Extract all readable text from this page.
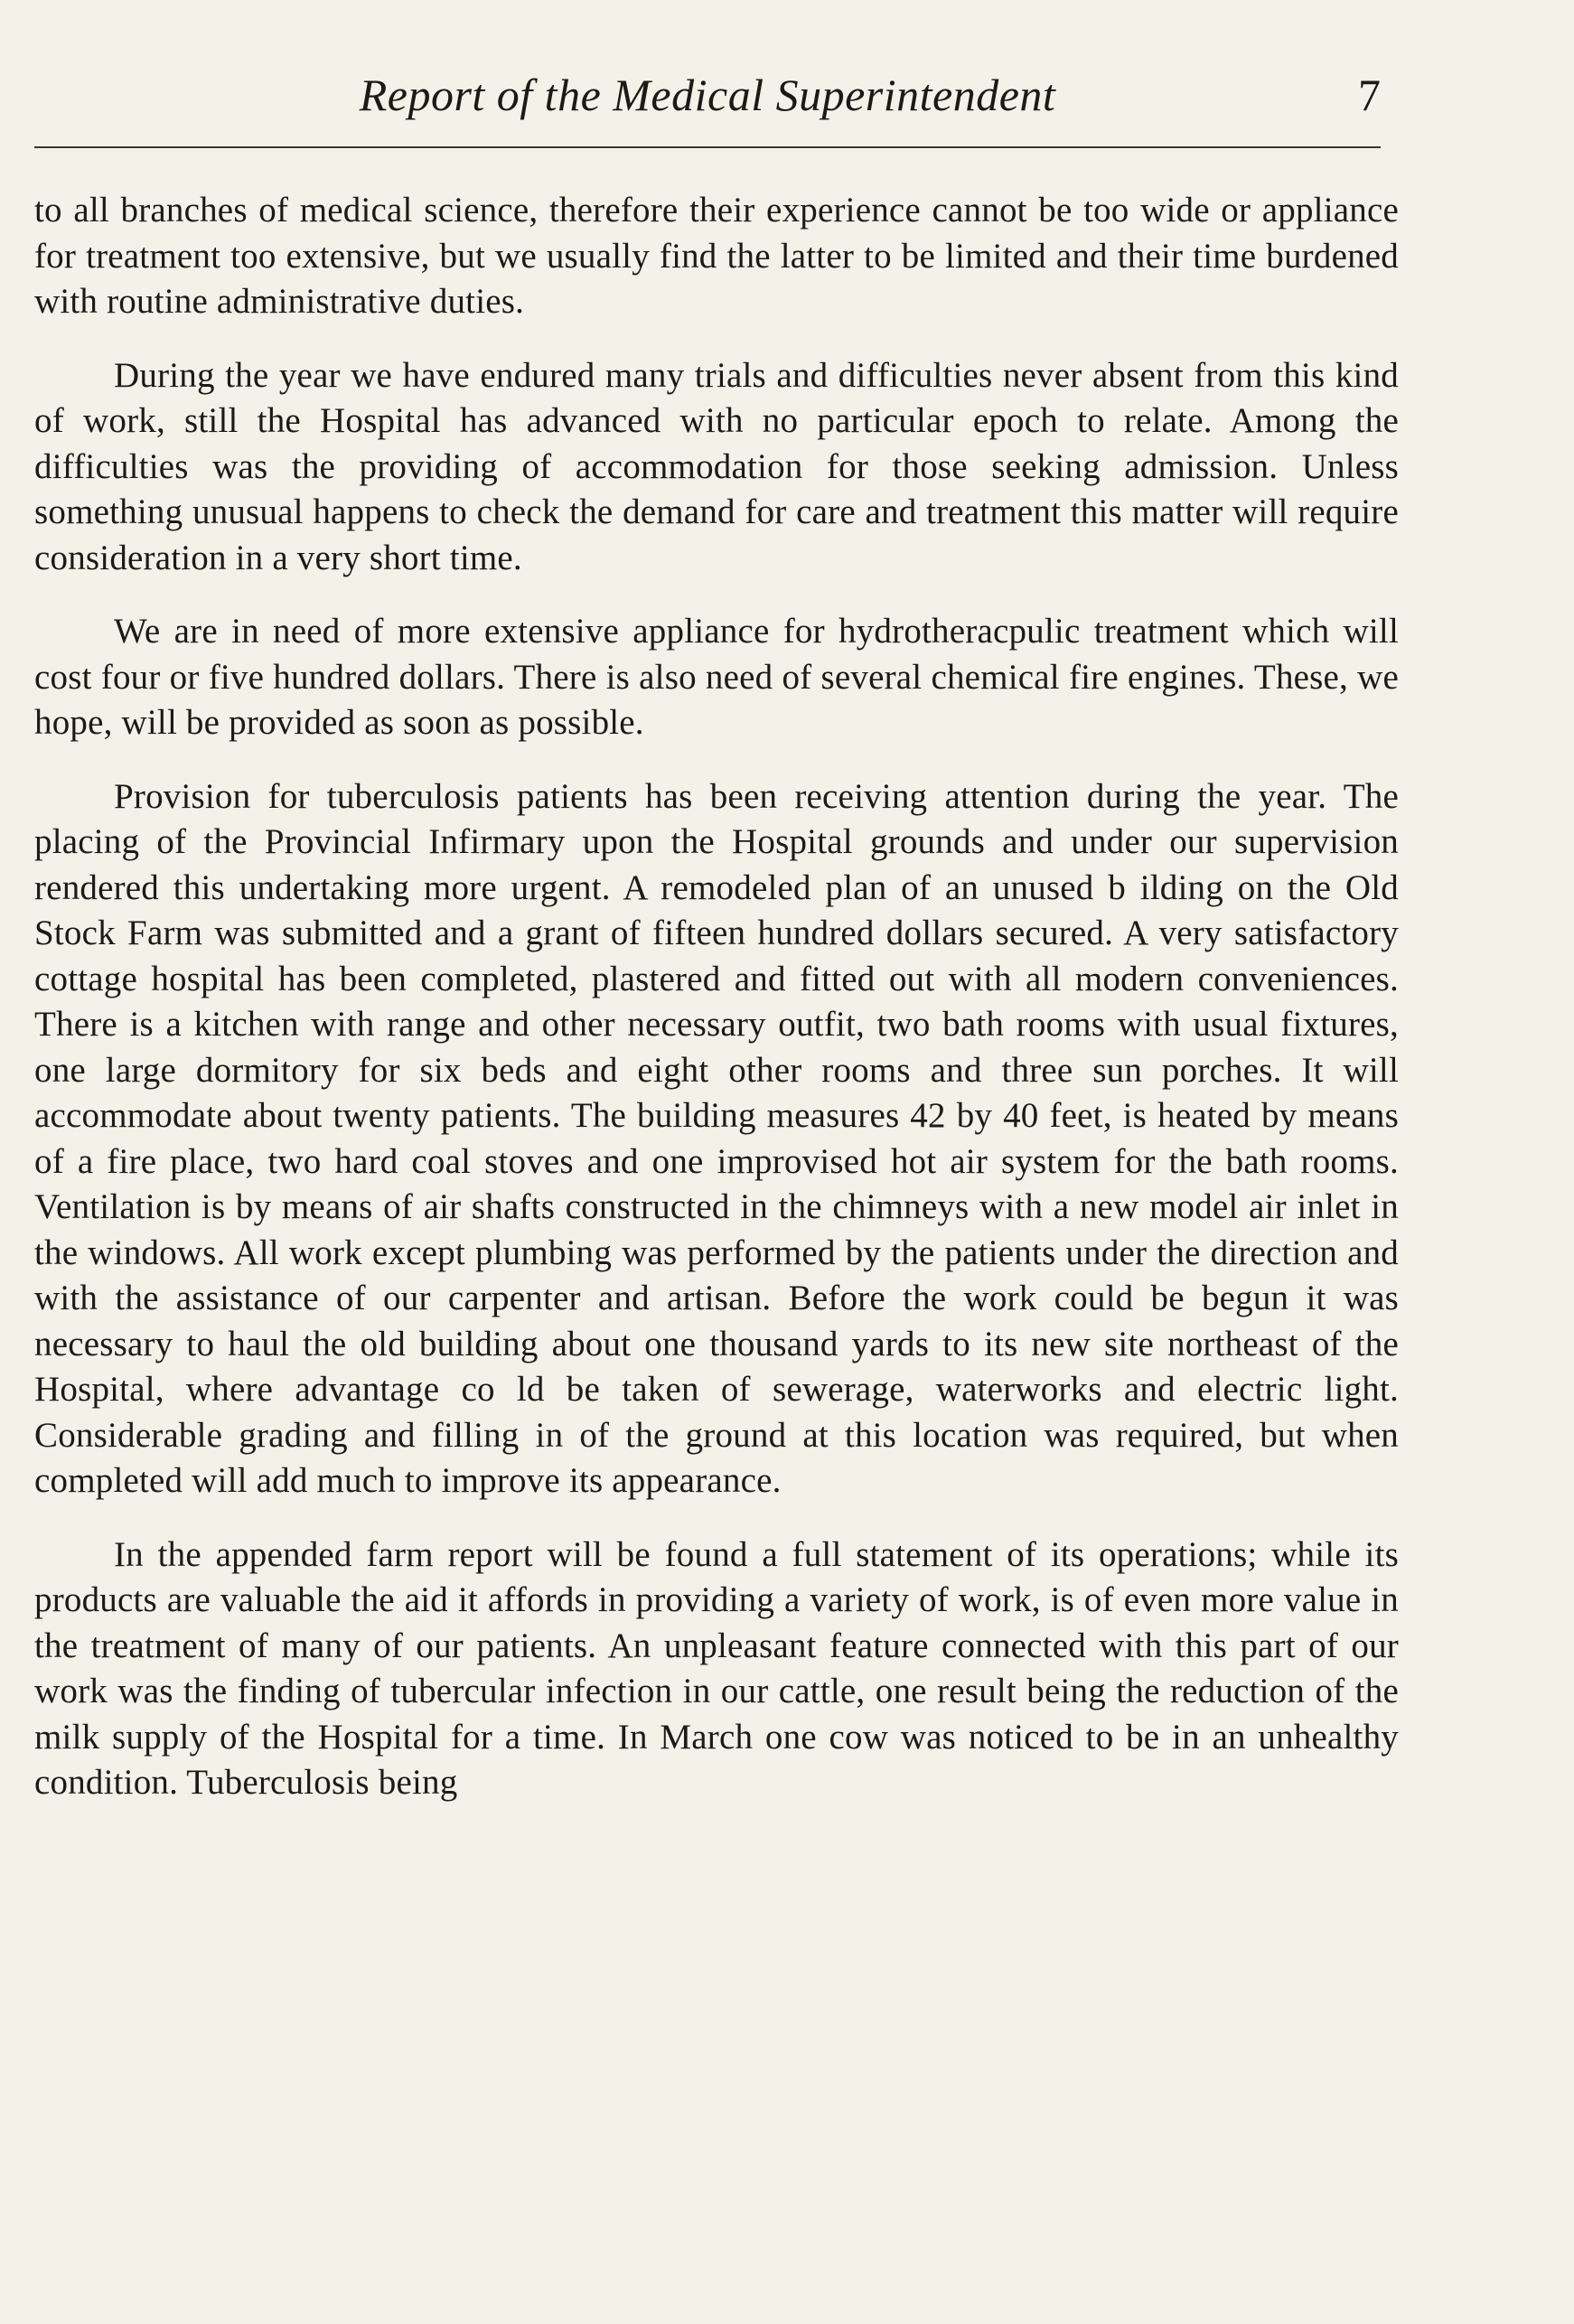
Report of the Medical Superintendent	7

to all branches of medical science, therefore their experience cannot be too wide or appliance for treatment too extensive, but we usually find the latter to be limited and their time burdened with routine administrative duties.

During the year we have endured many trials and difficulties never absent from this kind of work, still the Hospital has advanced with no particular epoch to relate. Among the difficulties was the providing of accommodation for those seeking admission. Unless something unusual happens to check the demand for care and treatment this matter will require consideration in a very short time.

We are in need of more extensive appliance for hydrotheracpulic treatment which will cost four or five hundred dollars. There is also need of several chemical fire engines. These, we hope, will be provided as soon as possible.

Provision for tuberculosis patients has been receiving attention during the year. The placing of the Provincial Infirmary upon the Hospital grounds and under our supervision rendered this undertaking more urgent. A remodeled plan of an unused b ilding on the Old Stock Farm was submitted and a grant of fifteen hundred dollars secured. A very satisfactory cottage hospital has been completed, plastered and fitted out with all modern conveniences. There is a kitchen with range and other necessary outfit, two bath rooms with usual fixtures, one large dormitory for six beds and eight other rooms and three sun porches. It will accommodate about twenty patients. The building measures 42 by 40 feet, is heated by means of a fire place, two hard coal stoves and one improvised hot air system for the bath rooms. Ventilation is by means of air shafts constructed in the chimneys with a new model air inlet in the windows. All work except plumbing was performed by the patients under the direction and with the assistance of our carpenter and artisan. Before the work could be begun it was necessary to haul the old building about one thousand yards to its new site northeast of the Hospital, where advantage co ld be taken of sewerage, waterworks and electric light. Considerable grading and filling in of the ground at this location was required, but when completed will add much to improve its appearance.

In the appended farm report will be found a full statement of its operations; while its products are valuable the aid it affords in providing a variety of work, is of even more value in the treatment of many of our patients. An unpleasant feature connected with this part of our work was the finding of tubercular infection in our cattle, one result being the reduction of the milk supply of the Hospital for a time. In March one cow was noticed to be in an unhealthy condition. Tuberculosis being
